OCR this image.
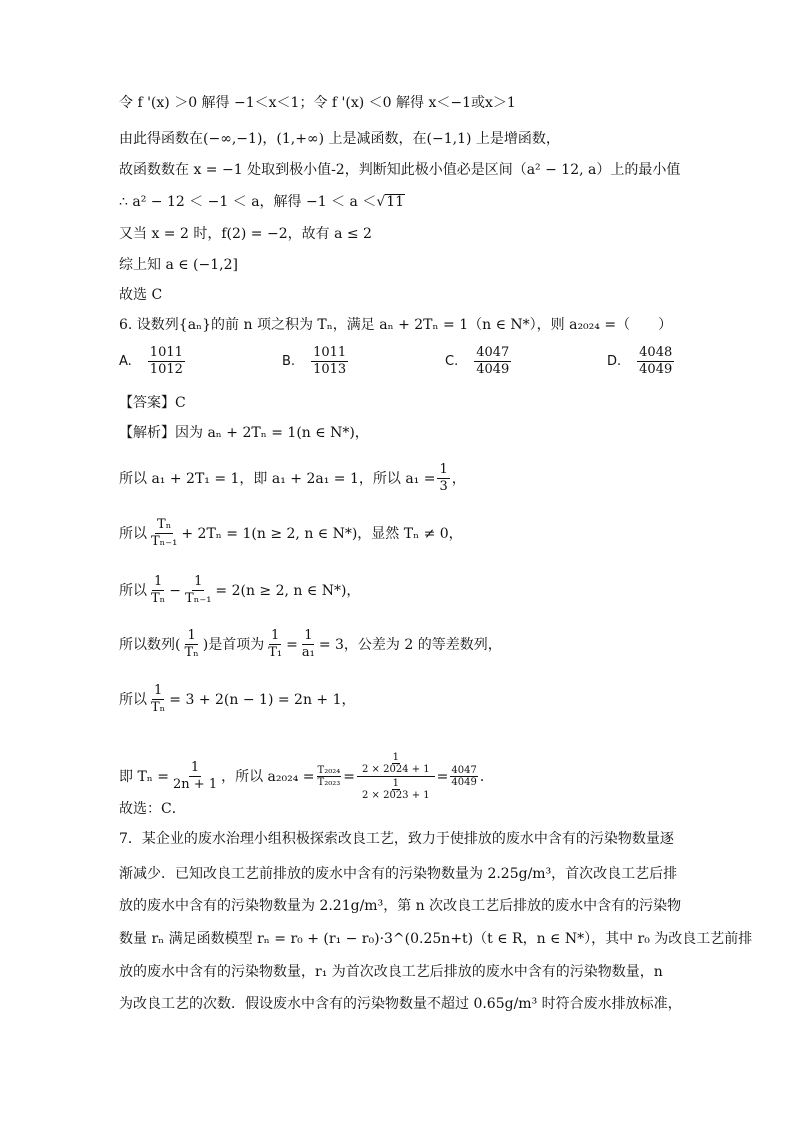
令 f '(x) ＞0 解得 −1＜x＜1；令 f '(x) ＜0 解得 x＜−1或x＞1
由此得函数在(−∞,−1)，(1,+∞) 上是减函数，在(−1,1) 上是增函数，
故函数数在 x = −1 处取到极小值-2，判断知此极小值必是区间（a² − 12, a）上的最小值
∴ a² − 12 ＜ −1 ＜ a，解得 −1 ＜ a ＜ √ 11
又当 x = 2 时，f(2) = −2，故有 a ≤ 2
综上知 a ∈ (−1,2]
故选 C
6. 设数列{aₙ}的前 n 项之积为 Tₙ，满足 aₙ + 2Tₙ = 1（n ∈ N*），则 a₂₀₂₄ =（　　）
A. $\frac{1011}{1012}$	B. $\frac{1011}{1013}$	C. $\frac{4047}{4049}$	D. $\frac{4048}{4049}$
【答案】C
【解析】因为 aₙ + 2Tₙ = 1(n ∈ N*)，
所以 a₁ + 2T₁ = 1，即 a₁ + 2a₁ = 1，所以 $a_1 = \frac{1}{3}$ ，
所以 $\frac{\text{Tₙ}}{\text{Tₙ₋₁}} + 2T_n = 1(n \ge 2$, n ∈ N*)，显然 Tₙ ≠ 0，
所以 $\frac{1}{\text{Tₙ}} - \frac{1}{\text{Tₙ₋₁}} = 2(n \ge 2$, n ∈ N*)，
所以数列 ( $\frac{1}{\text{Tₙ}}$ ) 是首项为 $\frac{1}{\text{T₁}} = \frac{1}{\text{a₁}} = 3$，公差为 2 的等差数列，
所以 $\frac{1}{\text{Tₙ}} = 3 + 2(n - 1) = 2n + 1$，
即 $T_n = \frac{1}{2n + 1}$ ，所以 $a_{2024} = \frac{\text{T₂₀₂₄}}{\text{T₂₀₂₃}} = \frac{\frac{1}{2 \times 2024 + 1}}{\frac{1}{2 \times 2023 + 1}} = \frac{4047}{4049}$ ．
故选：C．
7．某企业的废水治理小组积极探索改良工艺，致力于使排放的废水中含有的污染物数量逐
渐减少．已知改良工艺前排放的废水中含有的污染物数量为 2.25g/m³，首次改良工艺后排
放的废水中含有的污染物数量为 2.21g/m³，第 n 次改良工艺后排放的废水中含有的污染物
数量 rₙ 满足函数模型 rₙ = r₀ + (r₁ − r₀)·3^(0.25n+t)（t ∈ R，n ∈ N*），其中 r₀ 为改良工艺前排
放的废水中含有的污染物数量，r₁ 为首次改良工艺后排放的废水中含有的污染物数量，n
为改良工艺的次数．假设废水中含有的污染物数量不超过 0.65g/m³ 时符合废水排放标准，
